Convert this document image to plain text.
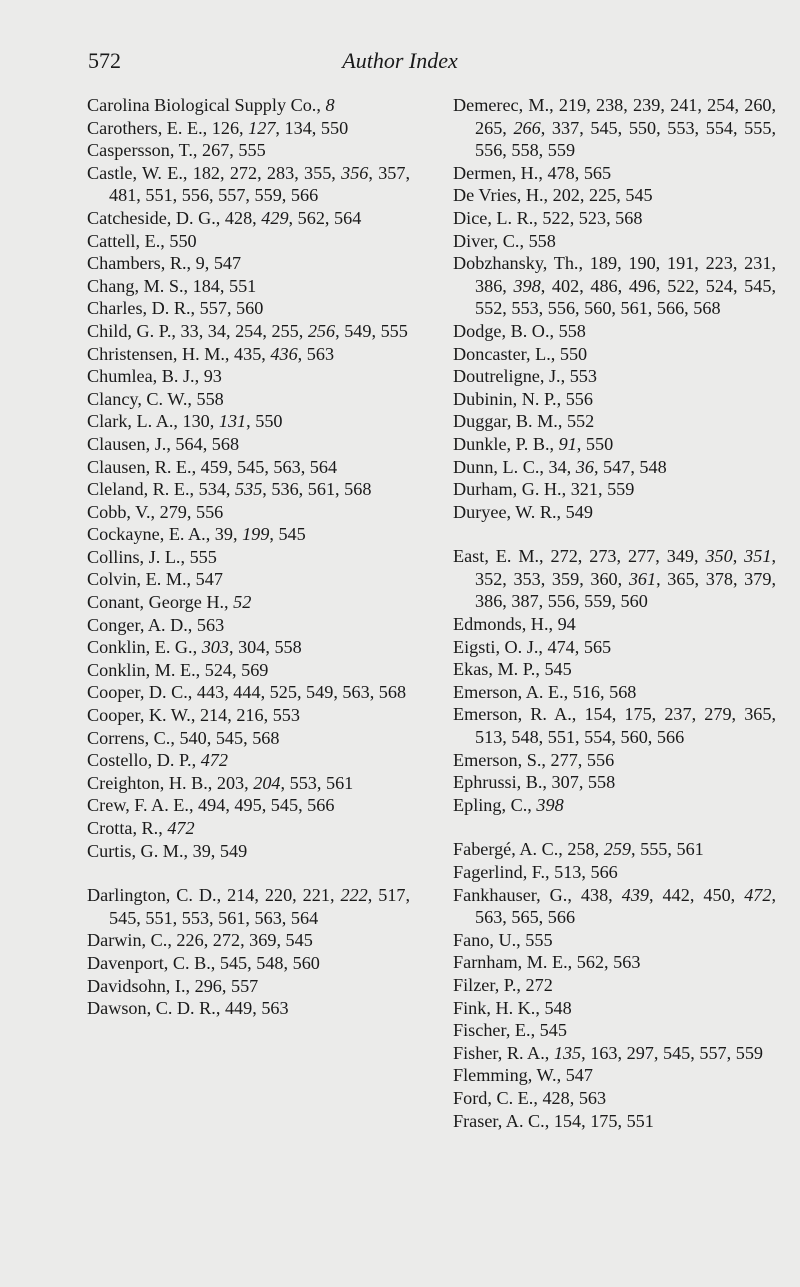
572	Author Index
Carolina Biological Supply Co., 8
Carothers, E. E., 126, 127, 134, 550
Caspersson, T., 267, 555
Castle, W. E., 182, 272, 283, 355, 356, 357, 481, 551, 556, 557, 559, 566
Catcheside, D. G., 428, 429, 562, 564
Cattell, E., 550
Chambers, R., 9, 547
Chang, M. S., 184, 551
Charles, D. R., 557, 560
Child, G. P., 33, 34, 254, 255, 256, 549, 555
Christensen, H. M., 435, 436, 563
Chumlea, B. J., 93
Clancy, C. W., 558
Clark, L. A., 130, 131, 550
Clausen, J., 564, 568
Clausen, R. E., 459, 545, 563, 564
Cleland, R. E., 534, 535, 536, 561, 568
Cobb, V., 279, 556
Cockayne, E. A., 39, 199, 545
Collins, J. L., 555
Colvin, E. M., 547
Conant, George H., 52
Conger, A. D., 563
Conklin, E. G., 303, 304, 558
Conklin, M. E., 524, 569
Cooper, D. C., 443, 444, 525, 549, 563, 568
Cooper, K. W., 214, 216, 553
Correns, C., 540, 545, 568
Costello, D. P., 472
Creighton, H. B., 203, 204, 553, 561
Crew, F. A. E., 494, 495, 545, 566
Crotta, R., 472
Curtis, G. M., 39, 549
Darlington, C. D., 214, 220, 221, 222, 517, 545, 551, 553, 561, 563, 564
Darwin, C., 226, 272, 369, 545
Davenport, C. B., 545, 548, 560
Davidsohn, I., 296, 557
Dawson, C. D. R., 449, 563
Demerec, M., 219, 238, 239, 241, 254, 260, 265, 266, 337, 545, 550, 553, 554, 555, 556, 558, 559
Dermen, H., 478, 565
De Vries, H., 202, 225, 545
Dice, L. R., 522, 523, 568
Diver, C., 558
Dobzhansky, Th., 189, 190, 191, 223, 231, 386, 398, 402, 486, 496, 522, 524, 545, 552, 553, 556, 560, 561, 566, 568
Dodge, B. O., 558
Doncaster, L., 550
Doutreligne, J., 553
Dubinin, N. P., 556
Duggar, B. M., 552
Dunkle, P. B., 91, 550
Dunn, L. C., 34, 36, 547, 548
Durham, G. H., 321, 559
Duryee, W. R., 549
East, E. M., 272, 273, 277, 349, 350, 351, 352, 353, 359, 360, 361, 365, 378, 379, 386, 387, 556, 559, 560
Edmonds, H., 94
Eigsti, O. J., 474, 565
Ekas, M. P., 545
Emerson, A. E., 516, 568
Emerson, R. A., 154, 175, 237, 279, 365, 513, 548, 551, 554, 560, 566
Emerson, S., 277, 556
Ephrussi, B., 307, 558
Epling, C., 398
Fabergé, A. C., 258, 259, 555, 561
Fagerlind, F., 513, 566
Fankhauser, G., 438, 439, 442, 450, 472, 563, 565, 566
Fano, U., 555
Farnham, M. E., 562, 563
Filzer, P., 272
Fink, H. K., 548
Fischer, E., 545
Fisher, R. A., 135, 163, 297, 545, 557, 559
Flemming, W., 547
Ford, C. E., 428, 563
Fraser, A. C., 154, 175, 551
